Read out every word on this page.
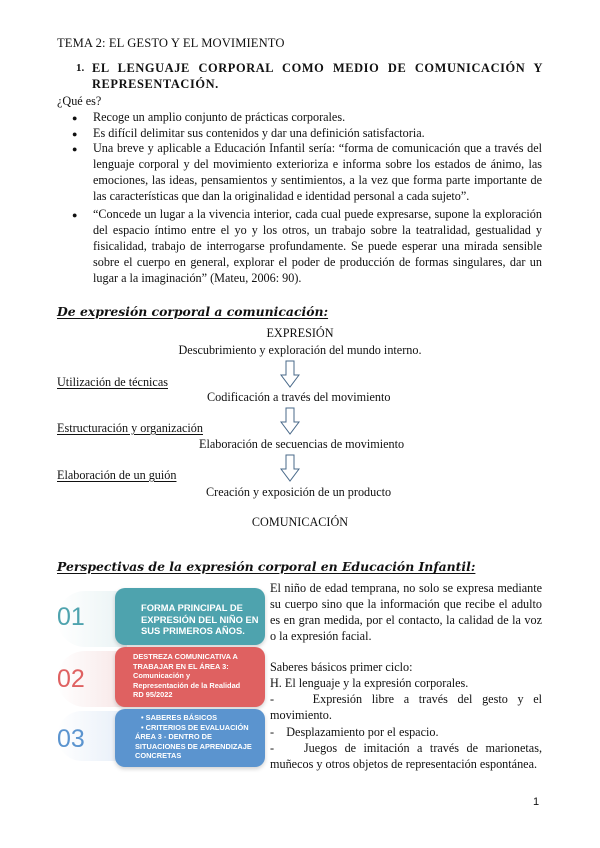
TEMA 2: EL GESTO Y EL MOVIMIENTO
1. EL LENGUAJE CORPORAL COMO MEDIO DE COMUNICACIÓN Y
REPRESENTACIÓN.
¿Qué es?
● Recoge un amplio conjunto de prácticas corporales.
● Es difícil delimitar sus contenidos y dar una definición satisfactoria.
● Una breve y aplicable a Educación Infantil sería: “forma de comunicación que a través del
lenguaje corporal y del movimiento exterioriza e informa sobre los estados de ánimo, las
emociones, las ideas, pensamientos y sentimientos, a la vez que forma parte importante de
las características que dan la originalidad e identidad personal a cada sujeto”.
● “Concede un lugar a la vivencia interior, cada cual puede expresarse, supone la exploración
del espacio íntimo entre el yo y los otros, un trabajo sobre la teatralidad, gestualidad y
fisicalidad, trabajo de interrogarse profundamente. Se puede esperar una mirada sensible
sobre el cuerpo en general, explorar el poder de producción de formas singulares, dar un
lugar a la imaginación” (Mateu, 2006: 90).
De expresión corporal a comunicación:
EXPRESIÓN
Descubrimiento y exploración del mundo interno.
Utilización de técnicas
Codificación a través del movimiento
Estructuración y organización
Elaboración de secuencias de movimiento
Elaboración de un guión
Creación y exposición de un producto
COMUNICACIÓN
Perspectivas de la expresión corporal en Educación Infantil:
01
02
03
FORMA PRINCIPAL DE
EXPRESIÓN DEL NIÑO EN
SUS PRIMEROS AÑOS.
DESTREZA COMUNICATIVA A
TRABAJAR EN EL ÁREA 3:
Comunicación y
Representación de la Realidad
RD 95/2022
• SABERES BÁSICOS
• CRITERIOS DE EVALUACIÓN
ÁREA 3 - DENTRO DE
SITUACIONES DE APRENDIZAJE
CONCRETAS
El niño de edad temprana, no solo se expresa mediante
su cuerpo sino que la información que recibe el adulto
es en gran medida, por el contacto, la calidad de la voz
o la expresión facial.
Saberes básicos primer ciclo:
H. El lenguaje y la expresión corporales.
-    Expresión libre a través del gesto y el
movimiento.
-    Desplazamiento por el espacio.
-    Juegos de imitación a través de marionetas,
muñecos y otros objetos de representación espontánea.
1
